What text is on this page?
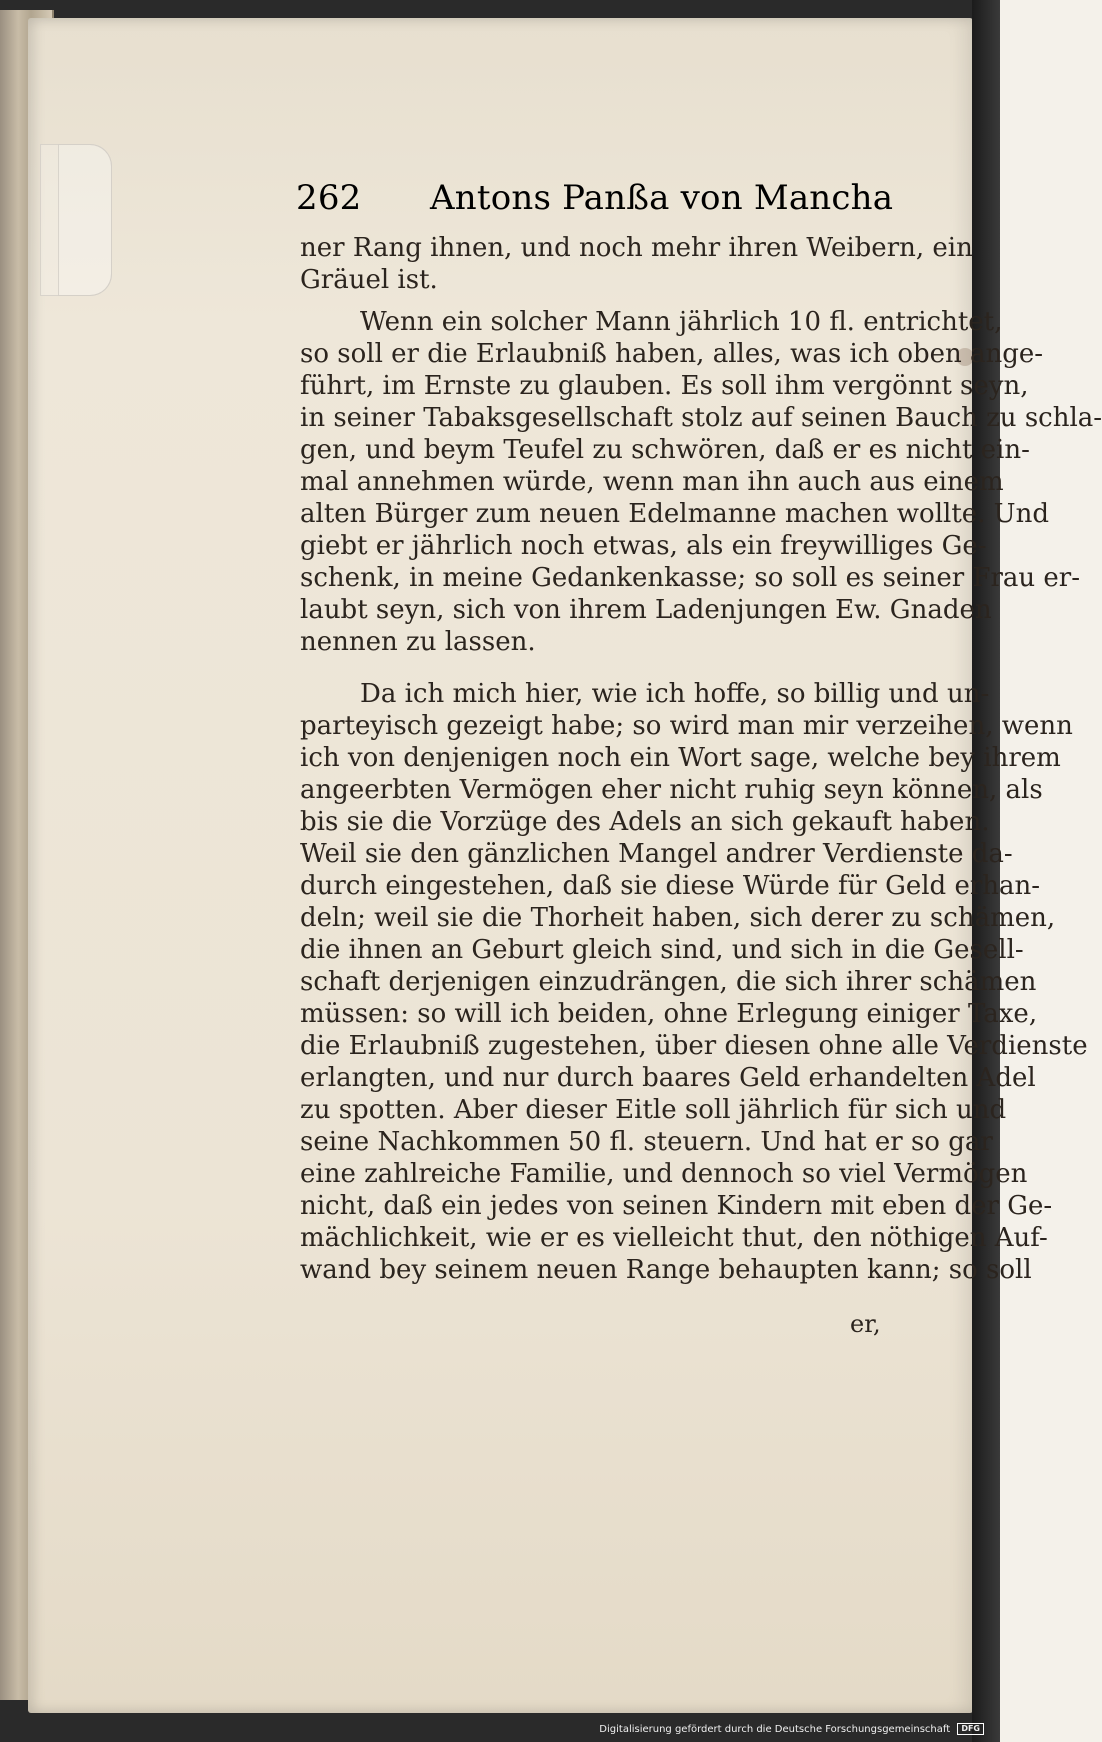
262 Antons Panßa von Mancha
ner Rang ihnen, und noch mehr ihren Weibern, ein
Gräuel ist.
Wenn ein solcher Mann jährlich 10 fl. entrichtet,
so soll er die Erlaubniß haben, alles, was ich oben ange-
führt, im Ernste zu glauben. Es soll ihm vergönnt seyn,
in seiner Tabaksgesellschaft stolz auf seinen Bauch zu schla-
gen, und beym Teufel zu schwören, daß er es nicht ein-
mal annehmen würde, wenn man ihn auch aus einem
alten Bürger zum neuen Edelmanne machen wollte. Und
giebt er jährlich noch etwas, als ein freywilliges Ge-
schenk, in meine Gedankenkasse; so soll es seiner Frau er-
laubt seyn, sich von ihrem Ladenjungen Ew. Gnaden
nennen zu lassen.
Da ich mich hier, wie ich hoffe, so billig und un-
parteyisch gezeigt habe; so wird man mir verzeihen, wenn
ich von denjenigen noch ein Wort sage, welche bey ihrem
angeerbten Vermögen eher nicht ruhig seyn können, als
bis sie die Vorzüge des Adels an sich gekauft haben.
Weil sie den gänzlichen Mangel andrer Verdienste da-
durch eingestehen, daß sie diese Würde für Geld erhan-
deln; weil sie die Thorheit haben, sich derer zu schämen,
die ihnen an Geburt gleich sind, und sich in die Gesell-
schaft derjenigen einzudrängen, die sich ihrer schämen
müssen: so will ich beiden, ohne Erlegung einiger Taxe,
die Erlaubniß zugestehen, über diesen ohne alle Verdienste
erlangten, und nur durch baares Geld erhandelten Adel
zu spotten. Aber dieser Eitle soll jährlich für sich und
seine Nachkommen 50 fl. steuern. Und hat er so gar
eine zahlreiche Familie, und dennoch so viel Vermögen
nicht, daß ein jedes von seinen Kindern mit eben der Ge-
mächlichkeit, wie er es vielleicht thut, den nöthigen Auf-
wand bey seinem neuen Range behaupten kann; so soll
er,
Digitalisierung gefördert durch die Deutsche Forschungsgemeinschaft DFG
